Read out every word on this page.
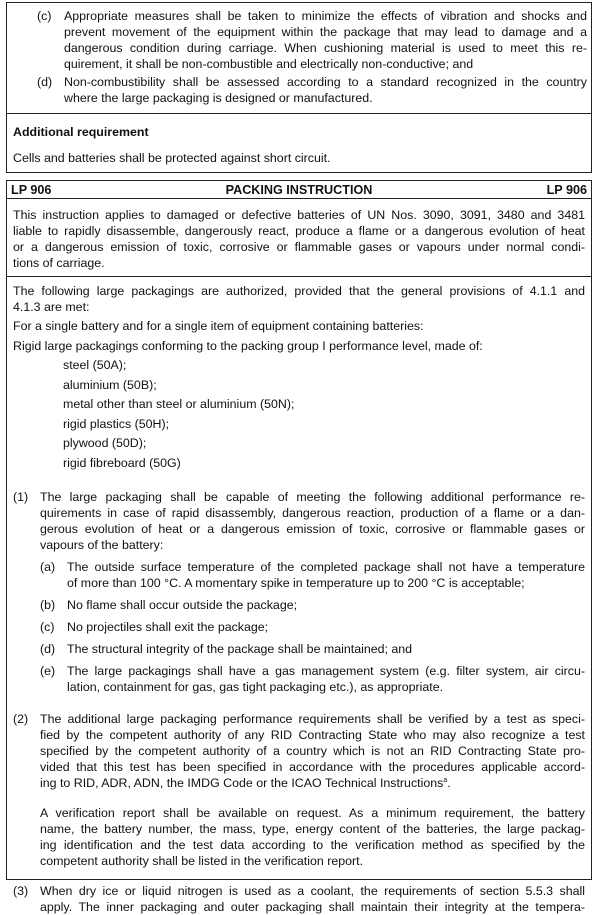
(c)	Appropriate measures shall be taken to minimize the effects of vibration and shocks and
prevent movement of the equipment within the package that may lead to damage and a
dangerous condition during carriage. When cushioning material is used to meet this re-
quirement, it shall be non-combustible and electrically non-conductive; and
(d) Non-combustibility shall be assessed according to a standard recognized in the country
where the large packaging is designed or manufactured.
Additional requirement
Cells and batteries shall be protected against short circuit.
LP 906	PACKING INSTRUCTION	LP 906
This instruction applies to damaged or defective batteries of UN Nos. 3090, 3091, 3480 and 3481
liable to rapidly disassemble, dangerously react, produce a flame or a dangerous evolution of heat
or a dangerous emission of toxic, corrosive or flammable gases or vapours under normal condi-
tions of carriage.
The following large packagings are authorized, provided that the general provisions of 4.1.1 and
4.1.3 are met:
For a single battery and for a single item of equipment containing batteries:
Rigid large packagings conforming to the packing group I performance level, made of:
steel (50A);
aluminium (50B);
metal other than steel or aluminium (50N);
rigid plastics (50H);
plywood (50D);
rigid fibreboard (50G)
(1) The large packaging shall be capable of meeting the following additional performance re-
quirements in case of rapid disassembly, dangerous reaction, production of a flame or a dan-
gerous evolution of heat or a dangerous emission of toxic, corrosive or flammable gases or
vapours of the battery:
(a) The outside surface temperature of the completed package shall not have a temperature
of more than 100 °C. A momentary spike in temperature up to 200 °C is acceptable;
(b) No flame shall occur outside the package;
(c)	No projectiles shall exit the package;
(d) The structural integrity of the package shall be maintained; and
(e) The large packagings shall have a gas management system (e.g. filter system, air circu-
lation, containment for gas, gas tight packaging etc.), as appropriate.
(2) The additional large packaging performance requirements shall be verified by a test as speci-
fied by the competent authority of any RID Contracting State who may also recognize a test
specified by the competent authority of a country which is not an RID Contracting State pro-
vided that this test has been specified in accordance with the procedures applicable accord-
ing to RID, ADR, ADN, the IMDG Code or the ICAO Technical Instructions$^a$.
A verification report shall be available on request. As a minimum requirement, the battery
name, the battery number, the mass, type, energy content of the batteries, the large packag-
ing identification and the test data according to the verification method as specified by the
competent authority shall be listed in the verification report.
(3) When dry ice or liquid nitrogen is used as a coolant, the requirements of section 5.5.3 shall
apply. The inner packaging and outer packaging shall maintain their integrity at the tempera-
